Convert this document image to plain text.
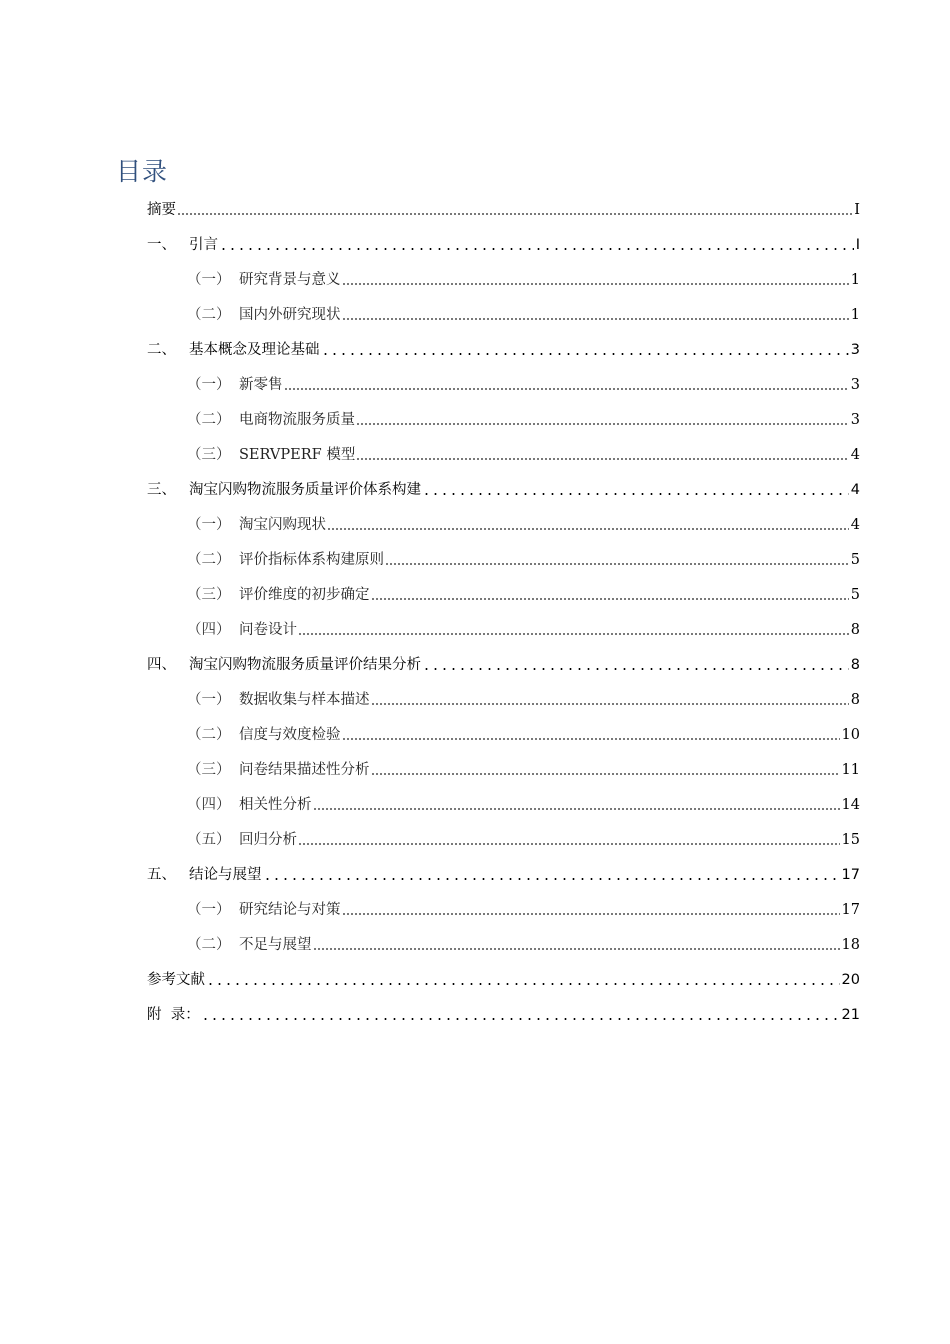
目录
摘要	I
一、 引言	I
（一） 研究背景与意义	1
（二） 国内外研究现状	1
二、 基本概念及理论基础	3
（一） 新零售	3
（二） 电商物流服务质量	3
（三） SERVPERF 模型	4
三、 淘宝闪购物流服务质量评价体系构建	4
（一） 淘宝闪购现状	4
（二） 评价指标体系构建原则	5
（三） 评价维度的初步确定	5
（四） 问卷设计	8
四、 淘宝闪购物流服务质量评价结果分析	8
（一） 数据收集与样本描述	8
（二） 信度与效度检验	10
（三） 问卷结果描述性分析	11
（四） 相关性分析	14
（五） 回归分析	15
五、 结论与展望	17
（一） 研究结论与对策	17
（二） 不足与展望	18
参考文献	20
附  录：	21
